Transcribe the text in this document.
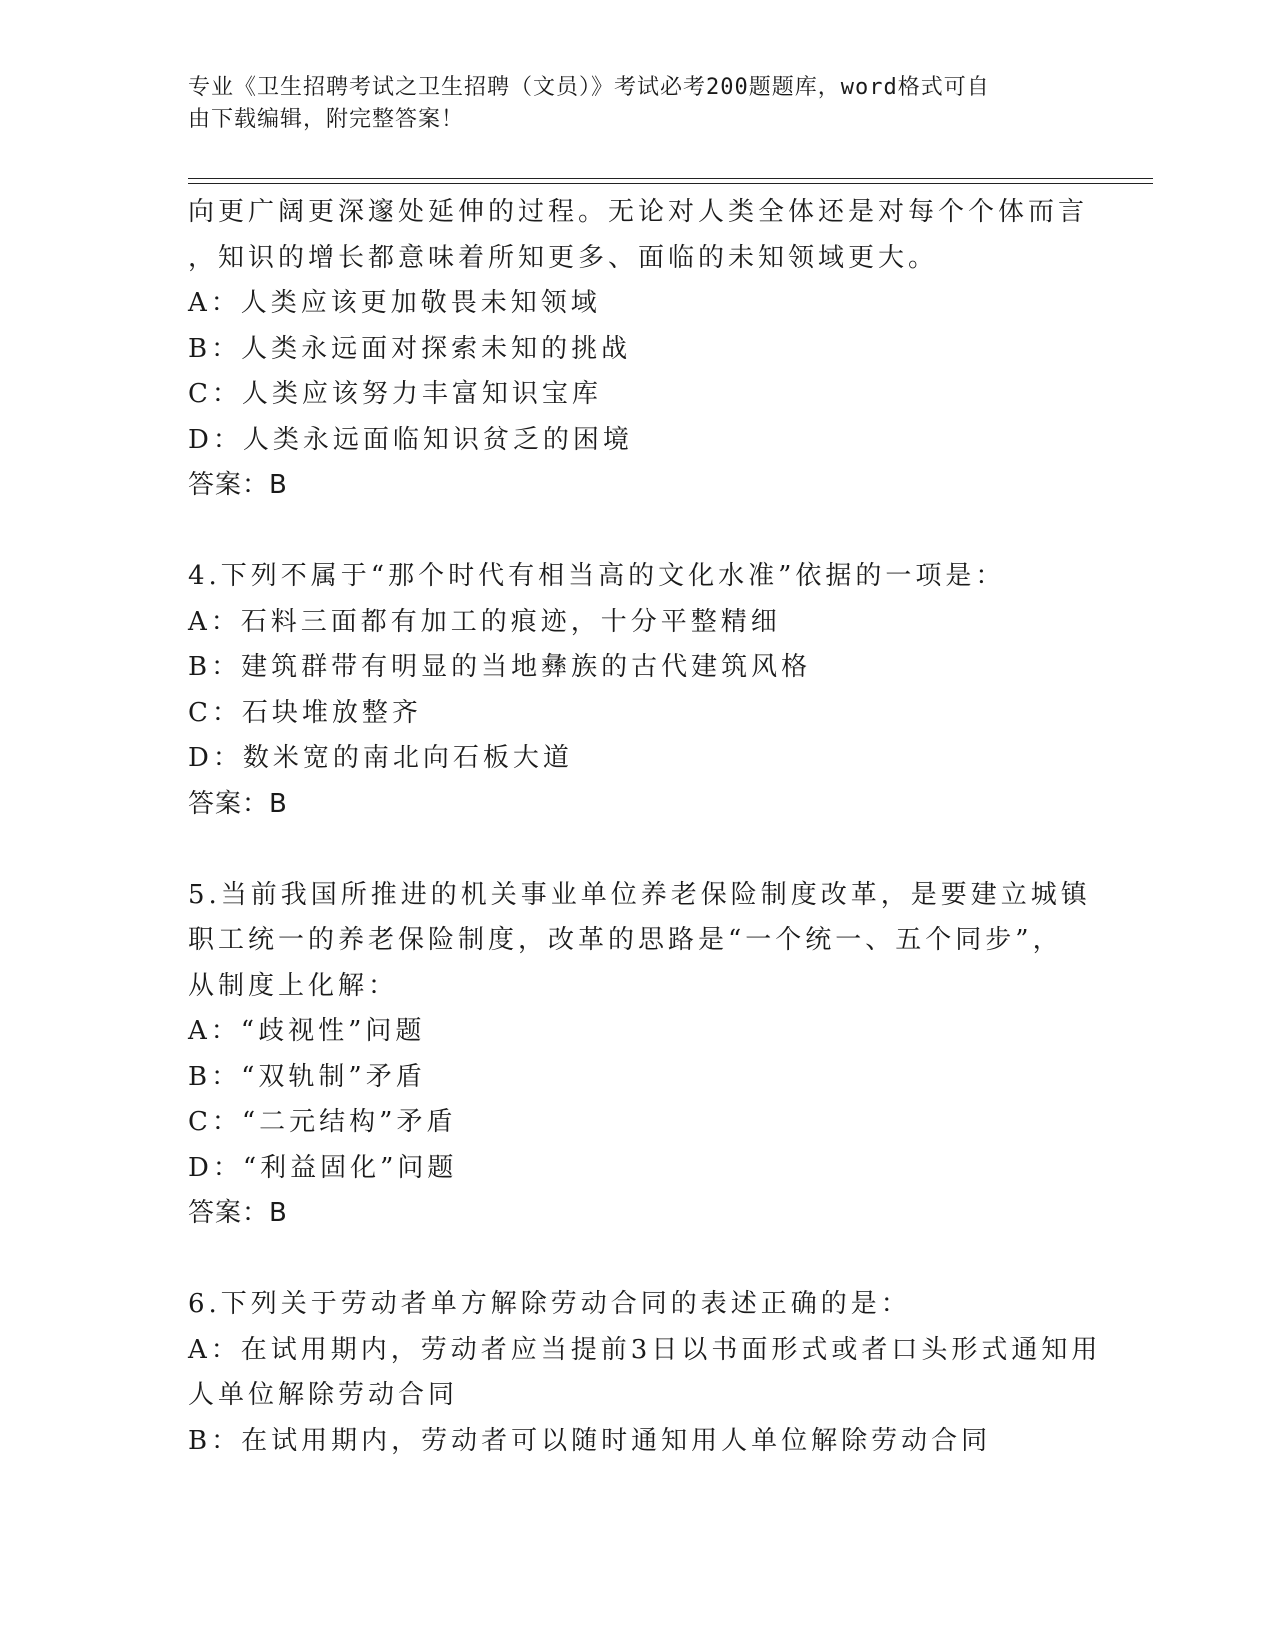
专业《卫生招聘考试之卫生招聘（文员）》考试必考200题题库，word格式可自
由下载编辑，附完整答案！
向更广阔更深邃处延伸的过程。无论对人类全体还是对每个个体而言
，知识的增长都意味着所知更多、面临的未知领域更大。
A：人类应该更加敬畏未知领域
B：人类永远面对探索未知的挑战
C：人类应该努力丰富知识宝库
D：人类永远面临知识贫乏的困境
答案：B
4.下列不属于“那个时代有相当高的文化水准”依据的一项是：
A：石料三面都有加工的痕迹，十分平整精细
B：建筑群带有明显的当地彝族的古代建筑风格
C：石块堆放整齐
D：数米宽的南北向石板大道
答案：B
5.当前我国所推进的机关事业单位养老保险制度改革，是要建立城镇
职工统一的养老保险制度，改革的思路是“一个统一、五个同步”，
从制度上化解：
A：“歧视性”问题
B：“双轨制”矛盾
C：“二元结构”矛盾
D：“利益固化”问题
答案：B
6.下列关于劳动者单方解除劳动合同的表述正确的是：
A：在试用期内，劳动者应当提前3日以书面形式或者口头形式通知用
人单位解除劳动合同
B：在试用期内，劳动者可以随时通知用人单位解除劳动合同
